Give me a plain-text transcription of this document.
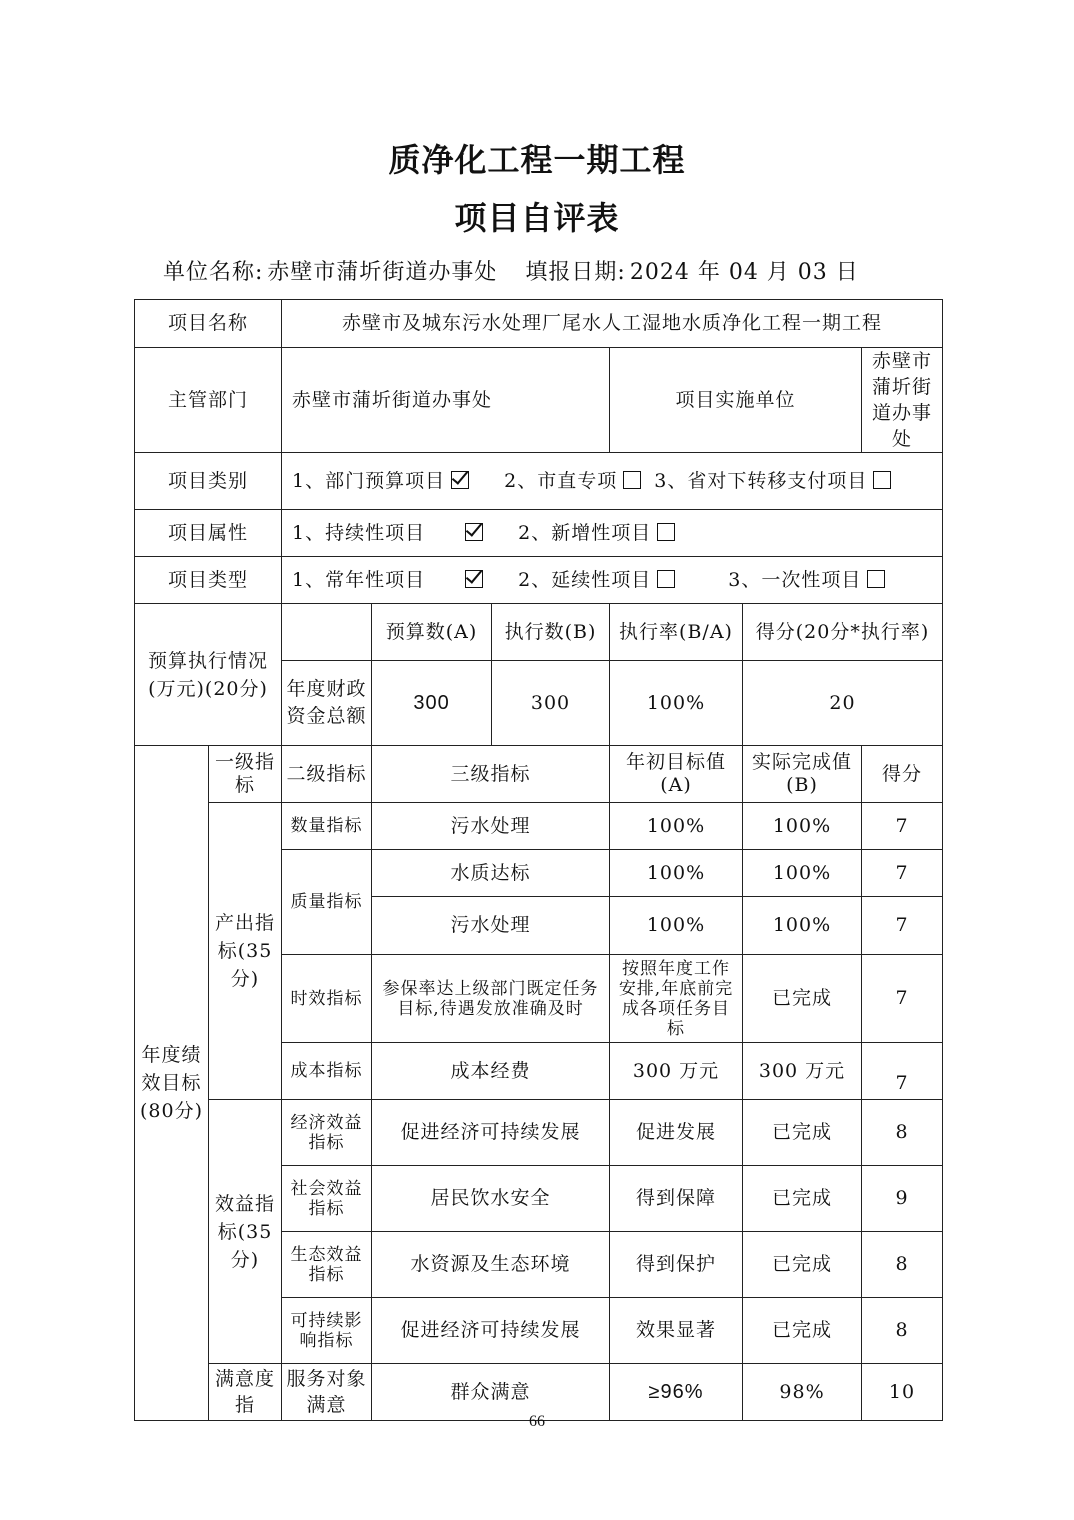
质净化工程一期工程
项目自评表
单位名称: 赤壁市蒲圻街道办事处 填报日期: 2024 年 04 月 03 日
项目名称		赤壁市及城东污水处理厂尾水人工湿地水质净化工程一期工程					
主管部门		赤壁市蒲圻街道办事处			项目实施单位		赤壁市蒲圻街道办事处
项目类别		1、部门预算项目 2、市直专项 3、省对下转移支付项目					
项目属性		1、持续性项目 2、新增性项目					
项目类型		1、常年性项目 2、延续性项目 3、一次性项目					
预算执行情况(万元)(20分)			预算数(A)	执行数(B)	执行率(B/A)	得分(20分*执行率)	
		年度财政资金总额	300	300	100%	20	
年度绩效目标(80分)	一级指标	二级指标	三级指标		年初目标值(A)	实际完成值(B)	得分
	产出指标(35分)	数量指标	污水处理		100%	100%	7
		质量指标	水质达标		100%	100%	7
			污水处理		100%	100%	7
		时效指标	参保率达上级部门既定任务目标,待遇发放准确及时		按照年度工作安排,年底前完成各项任务目标	已完成	7
		成本指标	成本经费		300 万元	300 万元	7
	效益指标(35分)	经济效益指标	促进经济可持续发展		促进发展	已完成	8
		社会效益指标	居民饮水安全		得到保障	已完成	9
		生态效益指标	水资源及生态环境		得到保护	已完成	8
		可持续影响指标	促进经济可持续发展		效果显著	已完成	8
	满意度指	服务对象满意	群众满意		≥96%	98%	10
66
